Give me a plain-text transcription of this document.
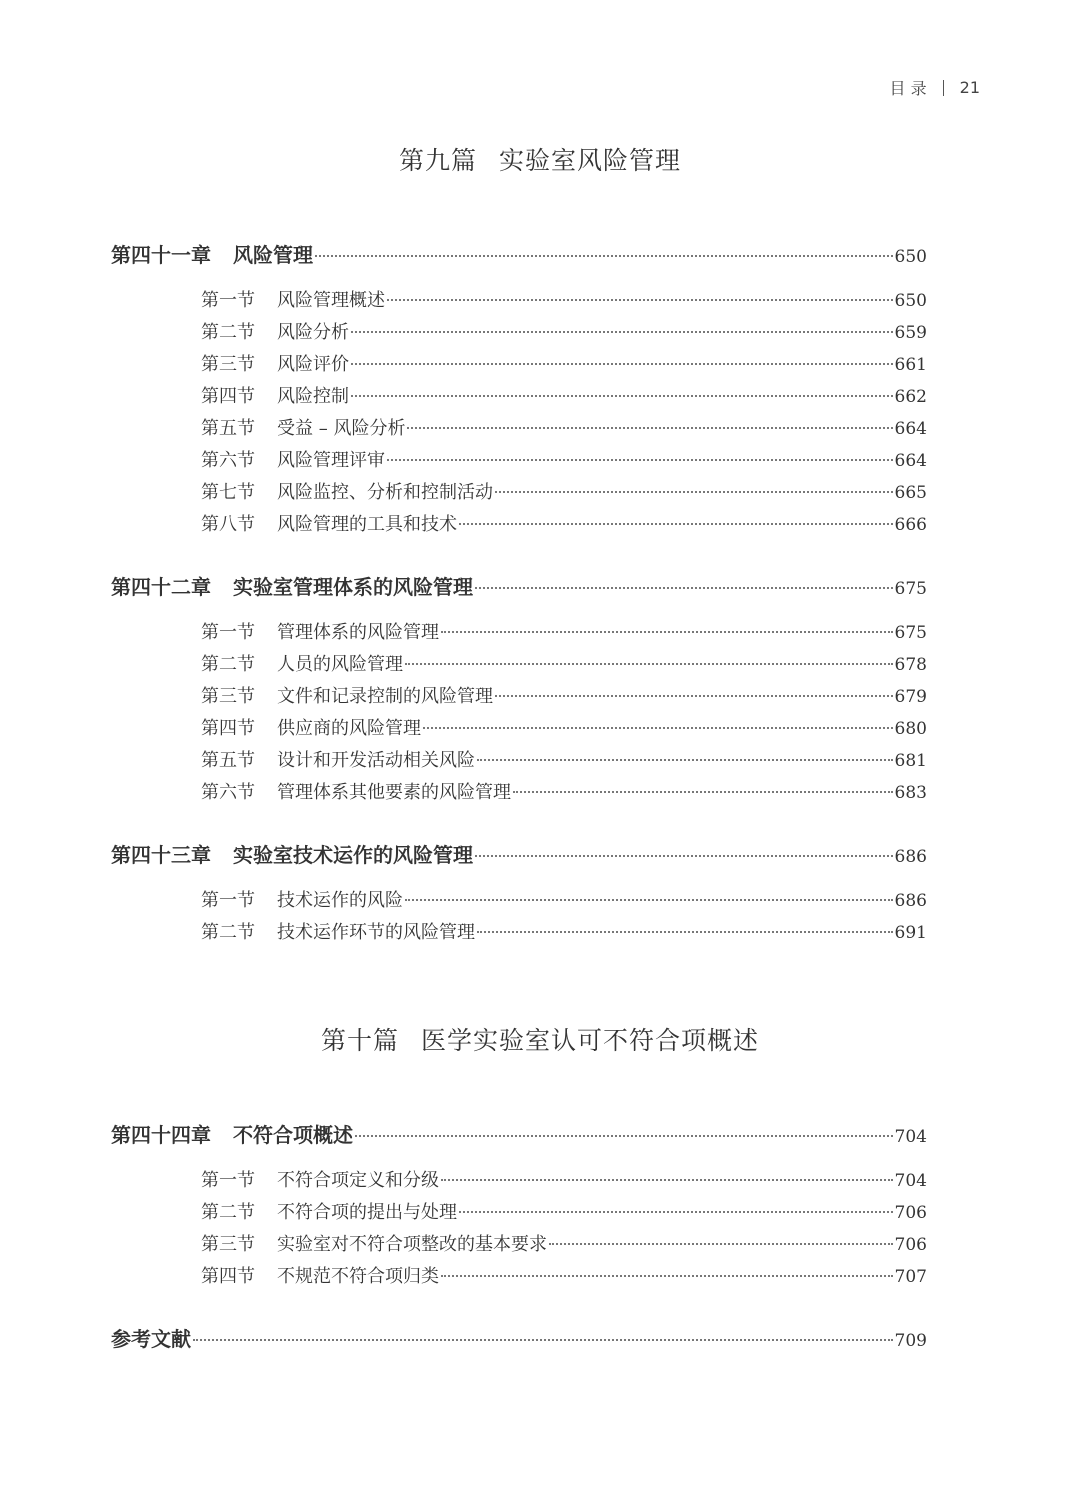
目 录 21
第九篇 实验室风险管理
第四十一章 风险管理	650
第一节 风险管理概述	650
第二节 风险分析	659
第三节 风险评价	661
第四节 风险控制	662
第五节 受益 – 风险分析	664
第六节 风险管理评审	664
第七节 风险监控、分析和控制活动	665
第八节 风险管理的工具和技术	666
第四十二章 实验室管理体系的风险管理	675
第一节 管理体系的风险管理	675
第二节 人员的风险管理	678
第三节 文件和记录控制的风险管理	679
第四节 供应商的风险管理	680
第五节 设计和开发活动相关风险	681
第六节 管理体系其他要素的风险管理	683
第四十三章 实验室技术运作的风险管理	686
第一节 技术运作的风险	686
第二节 技术运作环节的风险管理	691
第十篇 医学实验室认可不符合项概述
第四十四章 不符合项概述	704
第一节 不符合项定义和分级	704
第二节 不符合项的提出与处理	706
第三节 实验室对不符合项整改的基本要求	706
第四节 不规范不符合项归类	707
参考文献	709
